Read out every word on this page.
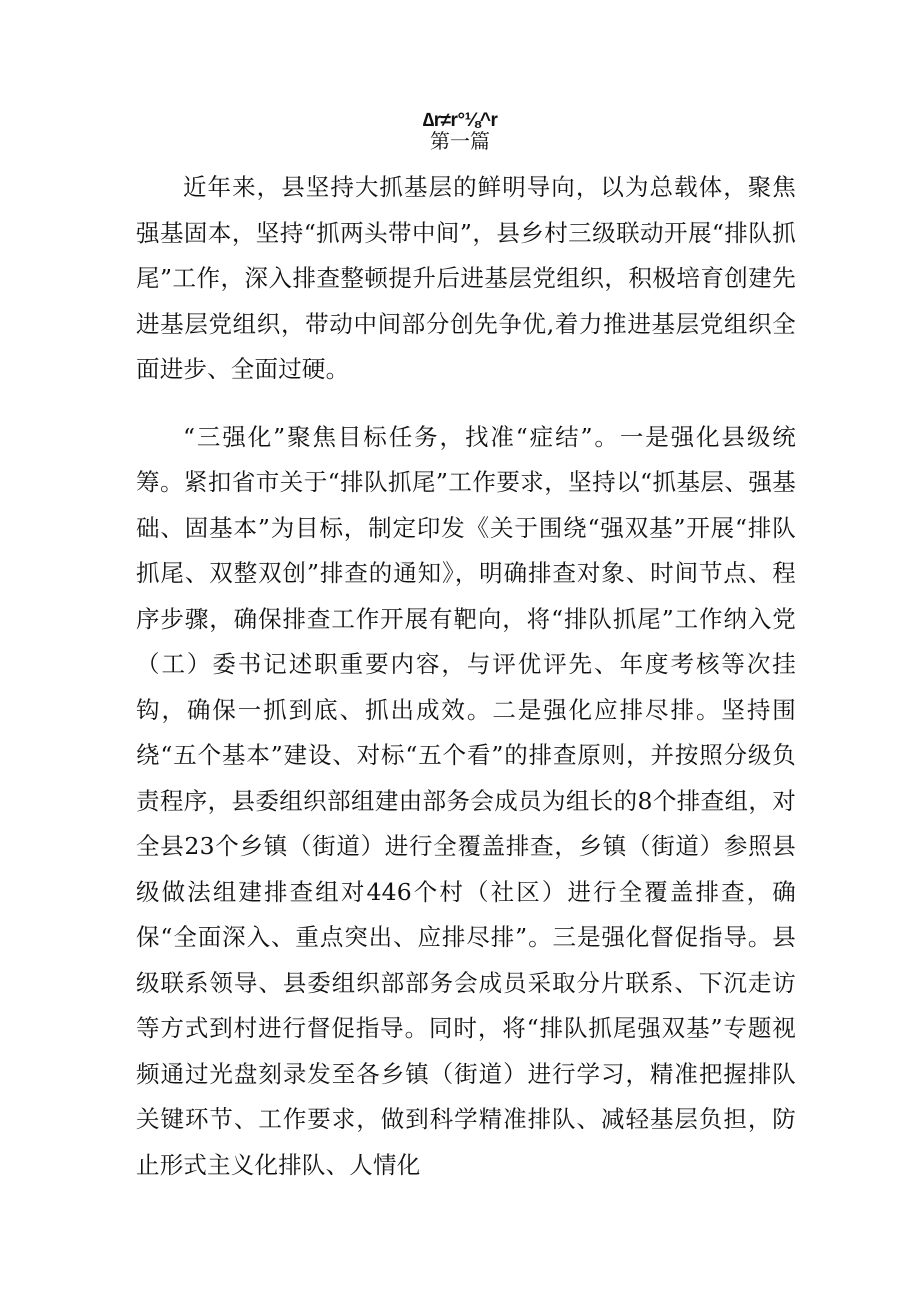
∆r≠r°⅛^r
第一篇

近年来，县坚持大抓基层的鲜明导向，以为总载体，聚焦强基固本，坚持“抓两头带中间”，县乡村三级联动开展“排队抓尾”工作，深入排查整顿提升后进基层党组织，积极培育创建先进基层党组织，带动中间部分创先争优,着力推进基层党组织全面进步、全面过硬。

“三强化”聚焦目标任务，找准“症结”。一是强化县级统筹。紧扣省市关于“排队抓尾”工作要求，坚持以“抓基层、强基础、固基本”为目标，制定印发《关于围绕“强双基”开展“排队抓尾、双整双创”排查的通知》，明确排查对象、时间节点、程序步骤，确保排查工作开展有靶向，将“排队抓尾”工作纳入党（工）委书记述职重要内容，与评优评先、年度考核等次挂钩，确保一抓到底、抓出成效。二是强化应排尽排。坚持围绕“五个基本”建设、对标“五个看”的排查原则，并按照分级负责程序，县委组织部组建由部务会成员为组长的8个排查组，对全县23个乡镇（街道）进行全覆盖排查，乡镇（街道）参照县级做法组建排查组对446个村（社区）进行全覆盖排查，确保“全面深入、重点突出、应排尽排”。三是强化督促指导。县级联系领导、县委组织部部务会成员采取分片联系、下沉走访等方式到村进行督促指导。同时，将“排队抓尾强双基”专题视频通过光盘刻录发至各乡镇（街道）进行学习，精准把握排队关键环节、工作要求，做到科学精准排队、减轻基层负担，防止形式主义化排队、人情化
